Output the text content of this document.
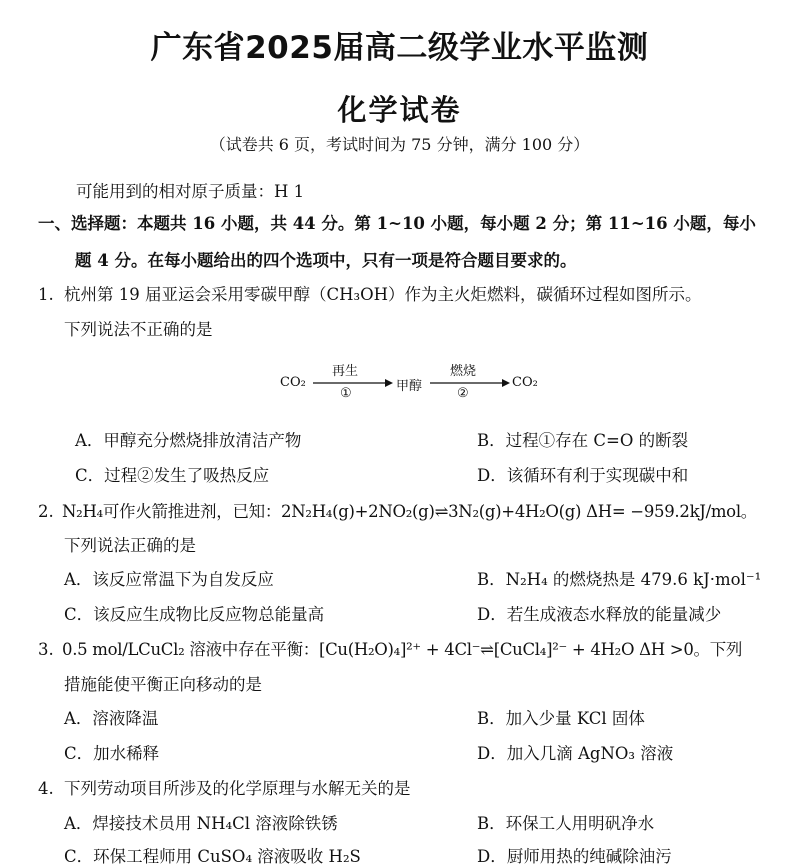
广东省2025届高二级学业水平监测
化学试卷
（试卷共 6 页，考试时间为 75 分钟，满分 100 分）
可能用到的相对原子质量：H 1
一、选择题：本题共 16 小题，共 44 分。第 1~10 小题，每小题 2 分；第 11~16 小题，每小
题 4 分。在每小题给出的四个选项中，只有一项是符合题目要求的。
1. 杭州第 19 届亚运会采用零碳甲醇（CH₃OH）作为主火炬燃料，碳循环过程如图所示。
下列说法不正确的是
CO₂
再生
①	甲醇
燃烧
②
CO₂
A．甲醇充分燃烧排放清洁产物	B．过程①存在 C=O 的断裂
C．过程②发生了吸热反应	D．该循环有利于实现碳中和
2. N₂H₄可作火箭推进剂，已知：2N₂H₄(g)+2NO₂(g)⇌3N₂(g)+4H₂O(g) ΔH= −959.2kJ/mol。
下列说法正确的是
A．该反应常温下为自发反应	B．N₂H₄ 的燃烧热是 479.6 kJ·mol⁻¹
C．该反应生成物比反应物总能量高	D．若生成液态水释放的能量减少
3. 0.5 mol/LCuCl₂ 溶液中存在平衡：[Cu(H₂O)₄]²⁺ + 4Cl⁻⇌[CuCl₄]²⁻ + 4H₂O ΔH >0。下列
措施能使平衡正向移动的是
A．溶液降温	B．加入少量 KCl 固体
C．加水稀释	D．加入几滴 AgNO₃ 溶液
4. 下列劳动项目所涉及的化学原理与水解无关的是
A．焊接技术员用 NH₄Cl 溶液除铁锈	B．环保工人用明矾净水
C．环保工程师用 CuSO₄ 溶液吸收 H₂S	D．厨师用热的纯碱除油污
